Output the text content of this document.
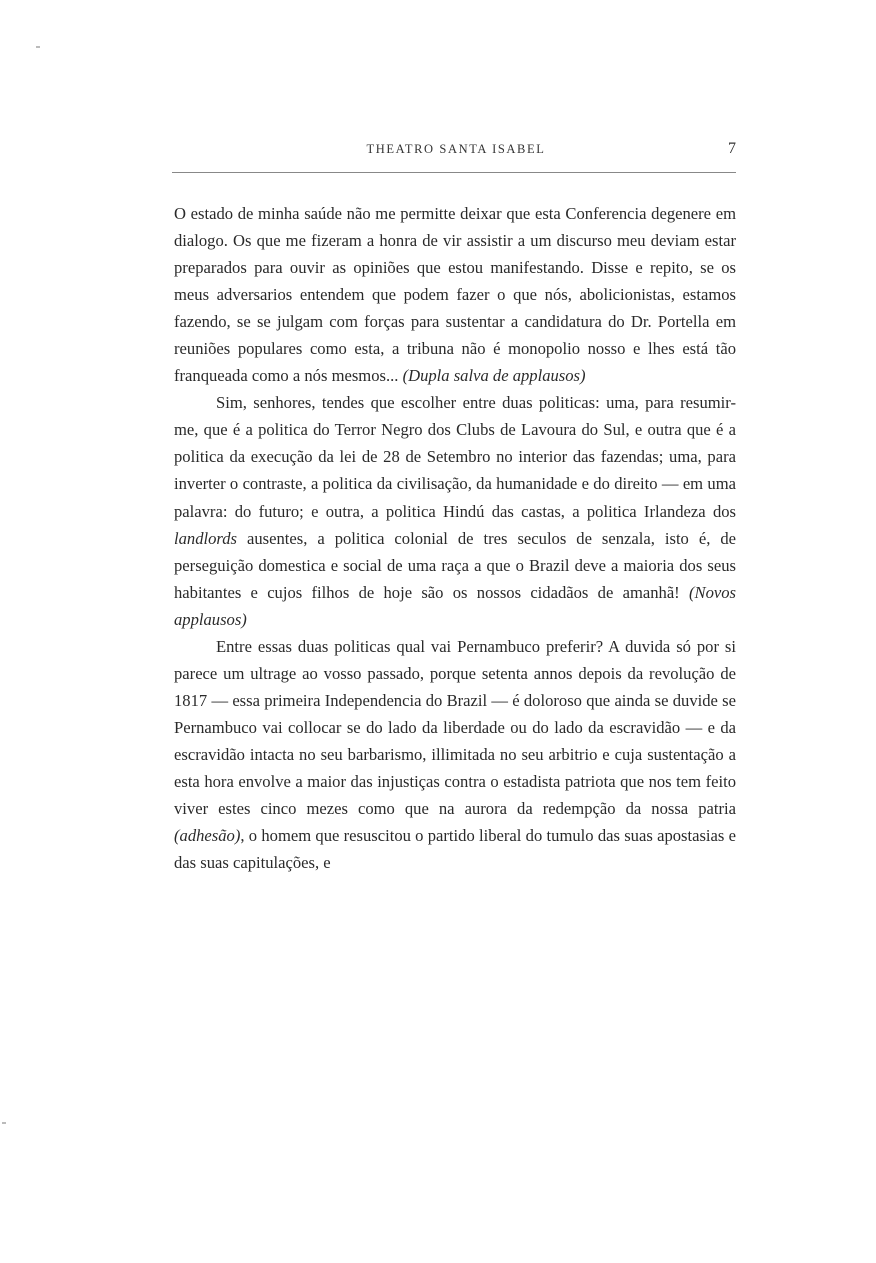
THEATRO SANTA ISABEL	7

O estado de minha saúde não me permitte deixar que esta Conferencia degenere em dialogo. Os que me fizeram a honra de vir assistir a um discurso meu deviam estar preparados para ouvir as opiniões que estou manifestando. Disse e repito, se os meus adversarios entendem que podem fazer o que nós, abolicionistas, estamos fazendo, se se julgam com forças para sustentar a candidatura do Dr. Portella em reuniões populares como esta, a tribuna não é monopolio nosso e lhes está tão franqueada como a nós mesmos... (Dupla salva de applausos)

Sim, senhores, tendes que escolher entre duas politicas: uma, para resumir-me, que é a politica do Terror Negro dos Clubs de Lavoura do Sul, e outra que é a politica da execução da lei de 28 de Setembro no interior das fazendas; uma, para inverter o contraste, a politica da civilisação, da humanidade e do direito — em uma palavra: do futuro; e outra, a politica Hindú das castas, a politica Irlandeza dos landlords ausentes, a politica colonial de tres seculos de senzala, isto é, de perseguição domestica e social de uma raça a que o Brazil deve a maioria dos seus habitantes e cujos filhos de hoje são os nossos cidadãos de amanhã! (Novos applausos)

Entre essas duas politicas qual vai Pernambuco preferir? A duvida só por si parece um ultrage ao vosso passado, porque setenta annos depois da revolução de 1817 — essa primeira Independencia do Brazil — é doloroso que ainda se duvide se Pernambuco vai collocar se do lado da liberdade ou do lado da escravidão — e da escravidão intacta no seu barbarismo, illimitada no seu arbitrio e cuja sustentação a esta hora envolve a maior das injustiças contra o estadista patriota que nos tem feito viver estes cinco mezes como que na aurora da redempção da nossa patria (adhesão), o homem que resuscitou o partido liberal do tumulo das suas apostasias e das suas capitulações, e
